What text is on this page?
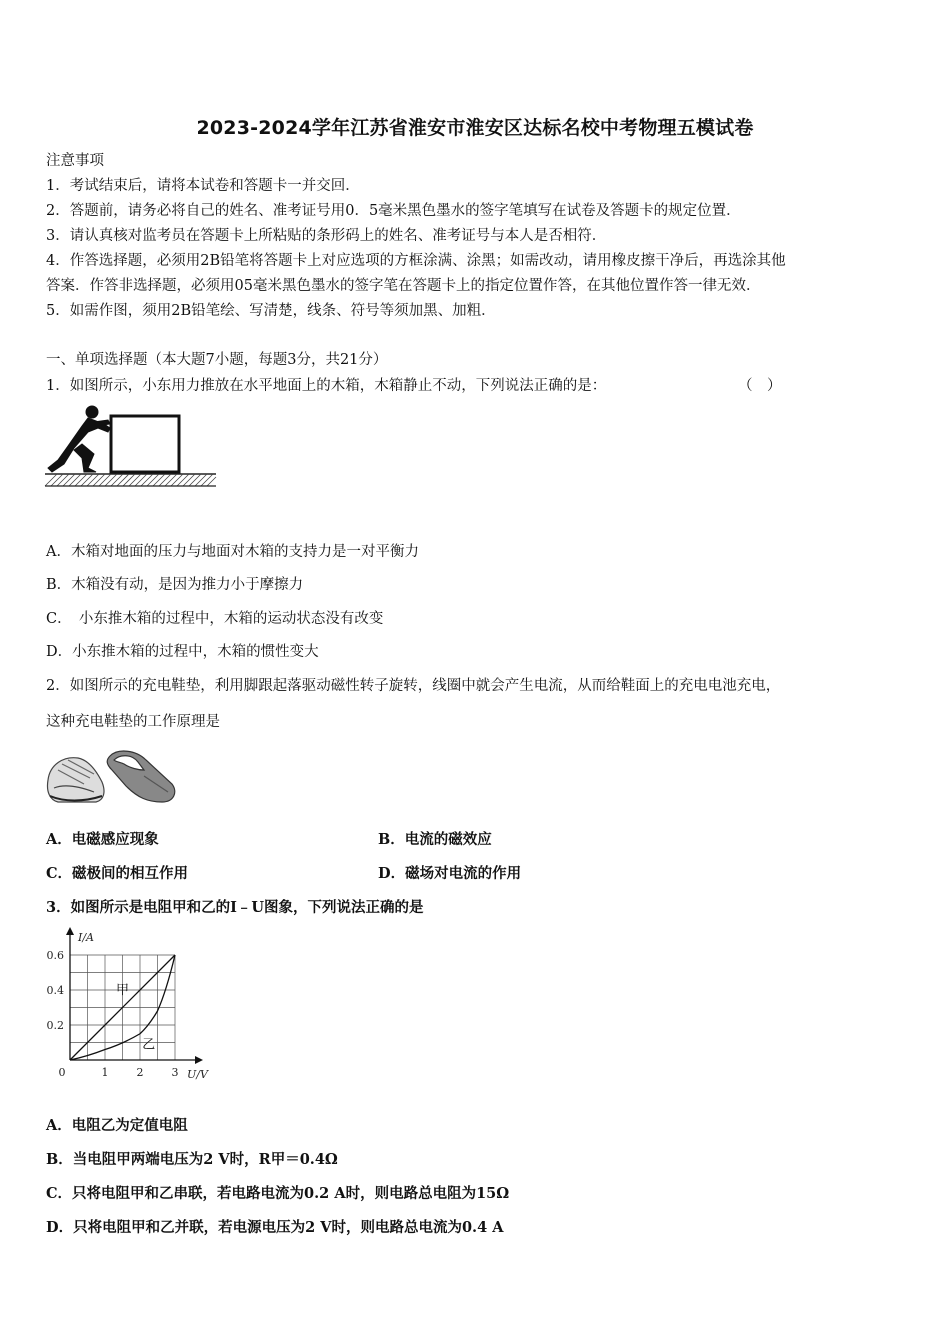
2023-2024学年江苏省淮安市淮安区达标名校中考物理五模试卷
注意事项
1．考试结束后，请将本试卷和答题卡一并交回．
2．答题前，请务必将自己的姓名、准考证号用0．5毫米黑色墨水的签字笔填写在试卷及答题卡的规定位置．
3．请认真核对监考员在答题卡上所粘贴的条形码上的姓名、准考证号与本人是否相符．
4．作答选择题，必须用2B铅笔将答题卡上对应选项的方框涂满、涂黑；如需改动，请用橡皮擦干净后，再选涂其他
答案．作答非选择题，必须用05毫米黑色墨水的签字笔在答题卡上的指定位置作答，在其他位置作答一律无效．
5．如需作图，须用2B铅笔绘、写清楚，线条、符号等须加黑、加粗．
一、单项选择题（本大题7小题，每题3分，共21分）
1．如图所示，小东用力推放在水平地面上的木箱，木箱静止不动，下列说法正确的是：	（　）
A．木箱对地面的压力与地面对木箱的支持力是一对平衡力
B．木箱没有动，是因为推力小于摩擦力
C．　小东推木箱的过程中，木箱的运动状态没有改变
D．小东推木箱的过程中，木箱的惯性变大
2．如图所示的充电鞋垫，利用脚跟起落驱动磁性转子旋转，线圈中就会产生电流，从而给鞋面上的充电电池充电，
这种充电鞋垫的工作原理是
A．电磁感应现象	B．电流的磁效应
C．磁极间的相互作用	D．磁场对电流的作用
3．如图所示是电阻甲和乙的I﹣U图象，下列说法正确的是
0	1	2	3
0.2
0.4
0.6
U/V
I/A
甲
乙
A．电阻乙为定值电阻
B．当电阻甲两端电压为2 V时，R甲＝0.4Ω
C．只将电阻甲和乙串联，若电路电流为0.2 A时，则电路总电阻为15Ω
D．只将电阻甲和乙并联，若电源电压为2 V时，则电路总电流为0.4 A
